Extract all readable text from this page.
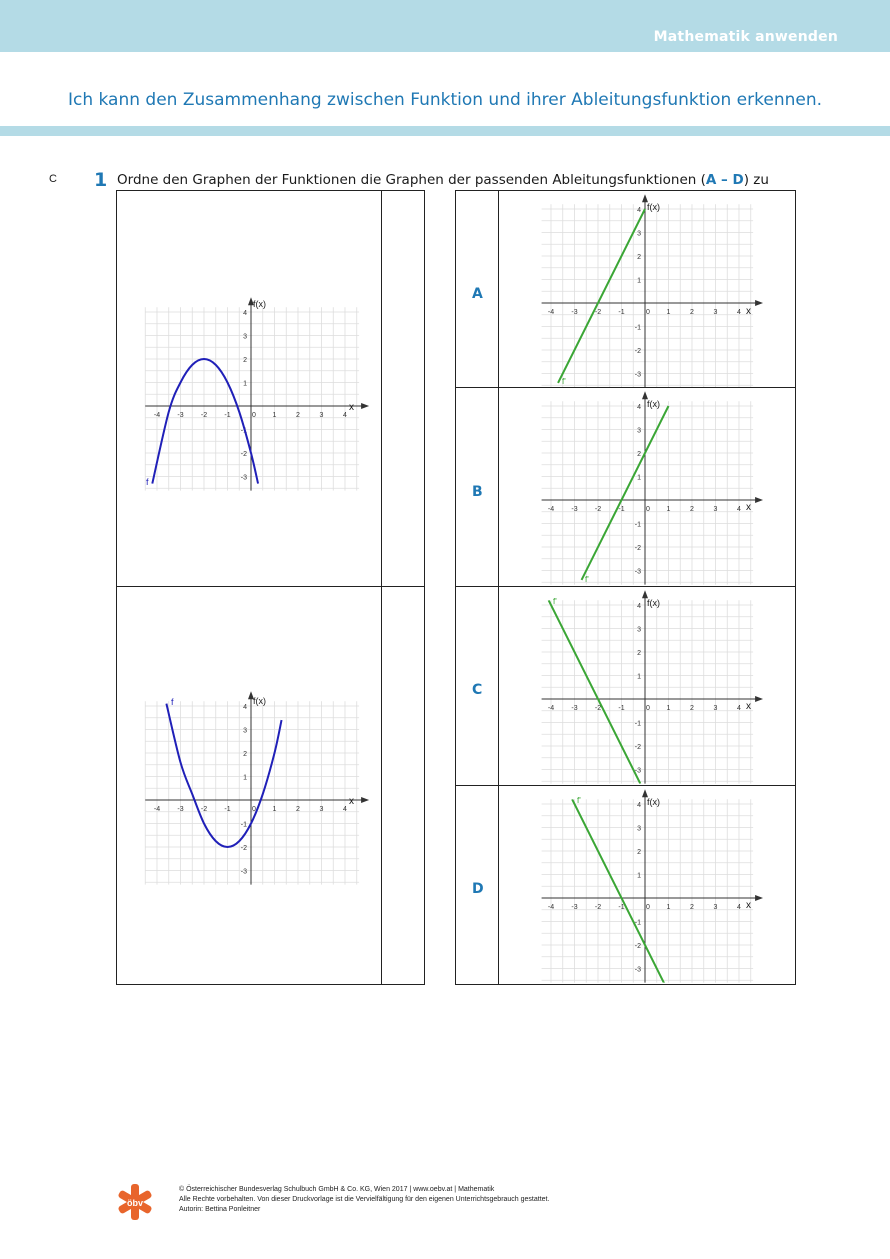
Mathematik anwenden
Ich kann den Zusammenhang zwischen Funktion und ihrer Ableitungsfunktion erkennen.
C 1 Ordne den Graphen der Funktionen die Graphen der passenden Ableitungsfunktionen (A – D) zu
-4 -3 -2 -1	0 1	2	3	4
-3
-2
-1
1
2
3
4
f
f(x)
x
-4 -3 -2 -1	0 1	2	3	4
-3
-2
-1
1
2
3
4
f	f(x)
x
A
-4 -3 -2 -1	0 1	2	3	4
-3
-2
-1
1
2
3
4
f'
f(x)
x
B
-4 -3 -2 -1	0 1	2	3	4
-3
-2
-1
1
2
3
4
f'
f(x)
x
C
-4 -3 -2 -1	0 1	2	3	4
-3
-2
-1
1
2
3
4
f'	f(x)
x
D
-4 -3 -2 -1	0 1	2	3	4
-3
-2
-1
1
2
3
4
f'	f(x)
x
öbv
© Österreichischer Bundesverlag Schulbuch GmbH & Co. KG, Wien 2017 | www.oebv.at | Mathematik
Alle Rechte vorbehalten. Von dieser Druckvorlage ist die Vervielfältigung für den eigenen Unterrichtsgebrauch gestattet.
Autorin: Bettina Ponleitner
